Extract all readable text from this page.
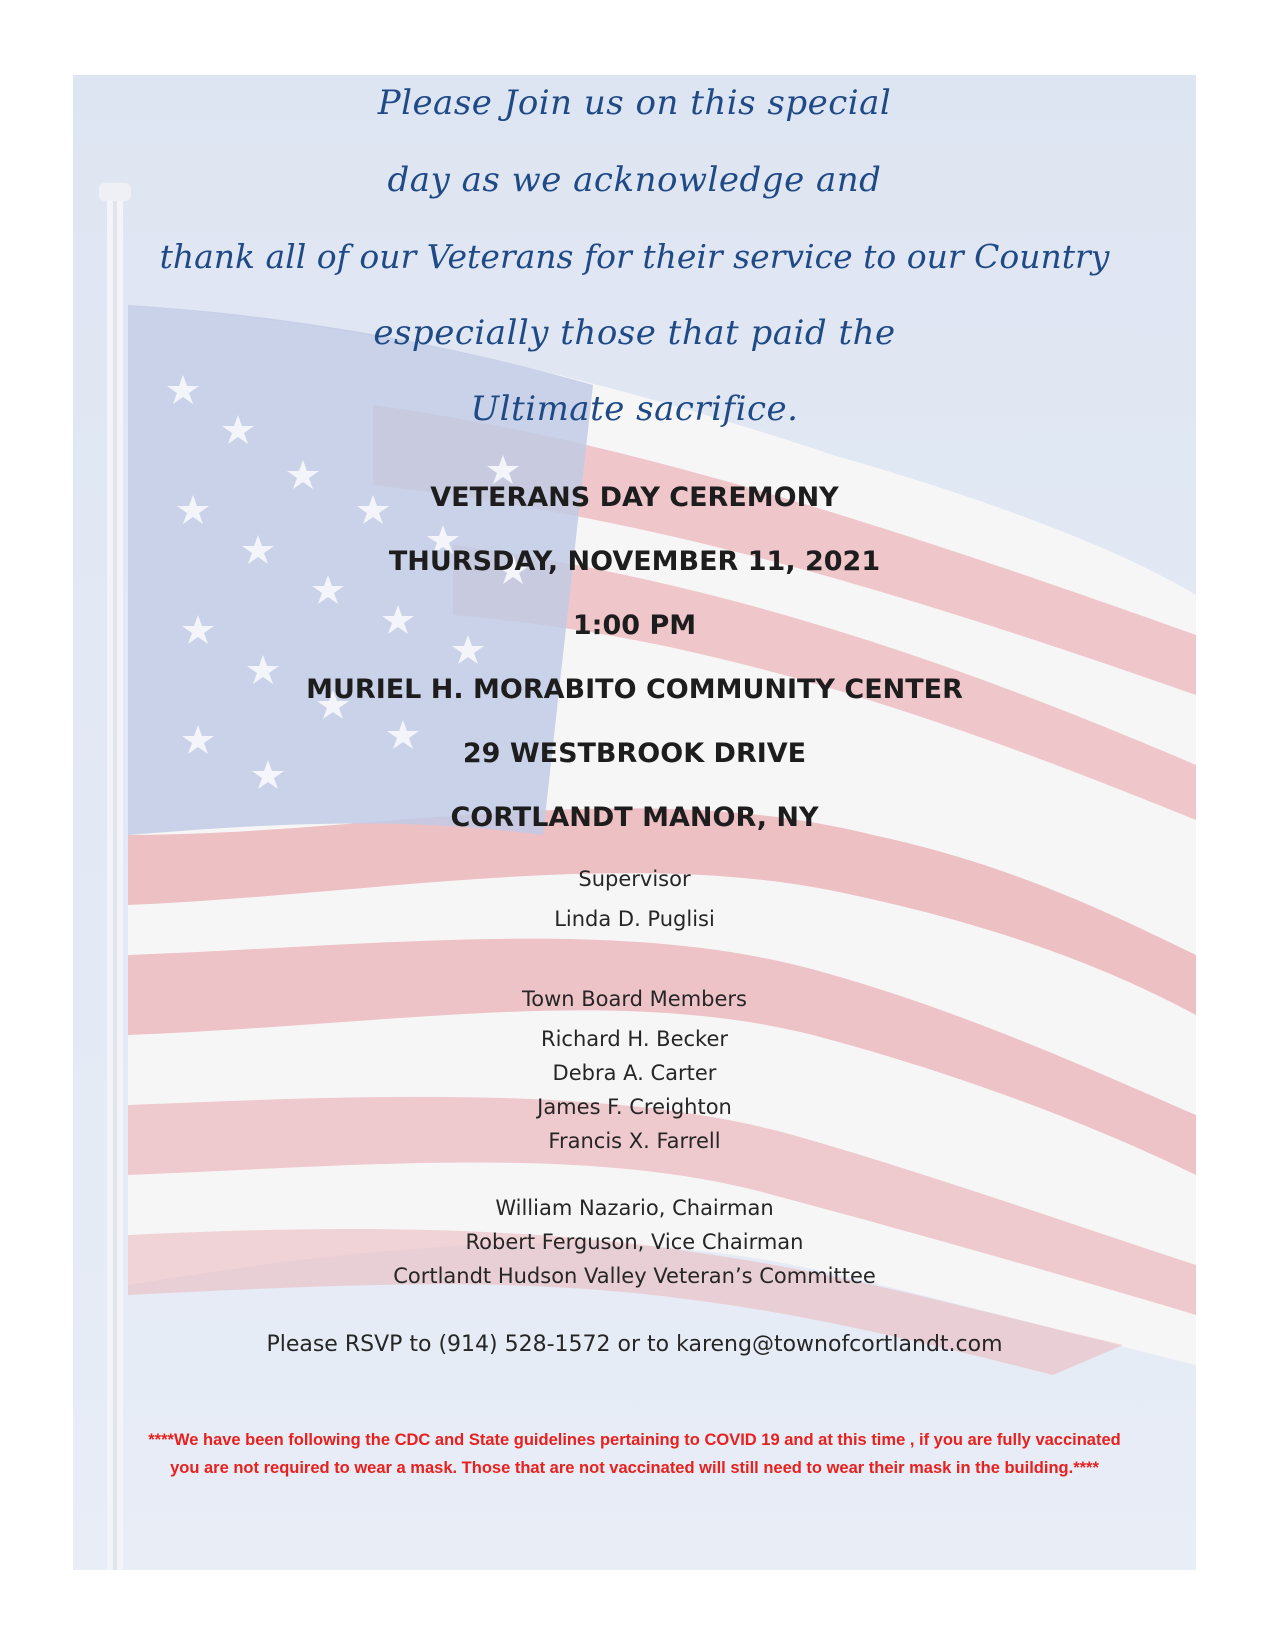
Please Join us on this special
day as we acknowledge and
thank all of our Veterans for their service to our Country
especially those that paid the
Ultimate sacrifice.
VETERANS DAY CEREMONY
THURSDAY, NOVEMBER 11, 2021
1:00 PM
MURIEL H. MORABITO COMMUNITY CENTER
29 WESTBROOK DRIVE
CORTLANDT MANOR, NY
Supervisor
Linda D. Puglisi
Town Board Members
Richard H. Becker
Debra A. Carter
James F. Creighton
Francis X. Farrell
William Nazario, Chairman
Robert Ferguson, Vice Chairman
Cortlandt Hudson Valley Veteran’s Committee
Please RSVP to (914) 528-1572 or to kareng@townofcortlandt.com
****We have been following the CDC and State guidelines pertaining to COVID 19 and at this time , if you are fully vaccinated
you are not required to wear a mask. Those that are not vaccinated will still need to wear their mask in the building.****
